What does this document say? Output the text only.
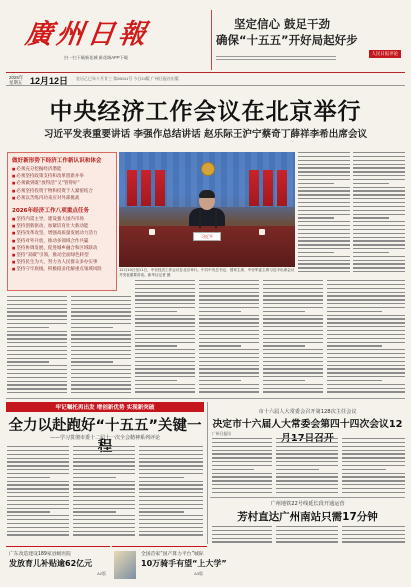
廣州日報
扫一扫下载新花城 新花城APP下载
坚定信心 鼓足干劲
确保“十五五”开好局起好步
人民日报评论
2025年
星期五 12月12日 农历乙巳年十月廿三 第26041号 今日24版 广州日报社出版
中央经济工作会议在北京举行
习近平发表重要讲话 李强作总结讲话 赵乐际王沪宁蔡奇丁薛祥李希出席会议
做好新形势下经济工作新认识和体会
■ 必须充分挖掘经济潜能
■ 必须坚持政策支持和改革创新并举
■ 必须做到既“放得活”又“管得好”
■ 必须坚持投资于物和投资于人紧密结合
■ 必须以苦练内功来应对外部挑战
2026年经济工作八项重点任务
■ 坚持内需主导，建设强大国内市场
■ 坚持创新驱动，加紧培育壮大新动能
■ 坚持改革攻坚，增强高质量发展动力活力
■ 坚持对外开放，推动多领域合作共赢
■ 坚持协调发展，促进城乡融合和区域联动
■ 坚持“双碳”引领，推动全面绿色转型
■ 坚持民生为大，努力为人民群众多办实事
■ 坚持守牢底线，积极稳妥化解重点领域风险
习近平
12月10日至11日，中央经济工作会议在北京举行。中共中央总书记、国家主席、中央军委主席习近平出席会议并发表重要讲话。新华社记者 摄
牢记嘱托再出发 增创新优势 实现新突破
全力以赴跑好“十五五”关键一
——学习贯彻市委十二届十一次全会精神系列评论
市十六届人大常委会召开第128次主任会议
决定市十六届人大常委会第四十四次会议12
广州日报讯
广州地铁22号线延长段开通运营
芳村直达广州南站只需17分钟
广东改造建设189家县级医院
发放育儿补贴逾62亿元
A2版
全国首家“国产算力平台”城际
10万骑手有望“上大学”
A3版
